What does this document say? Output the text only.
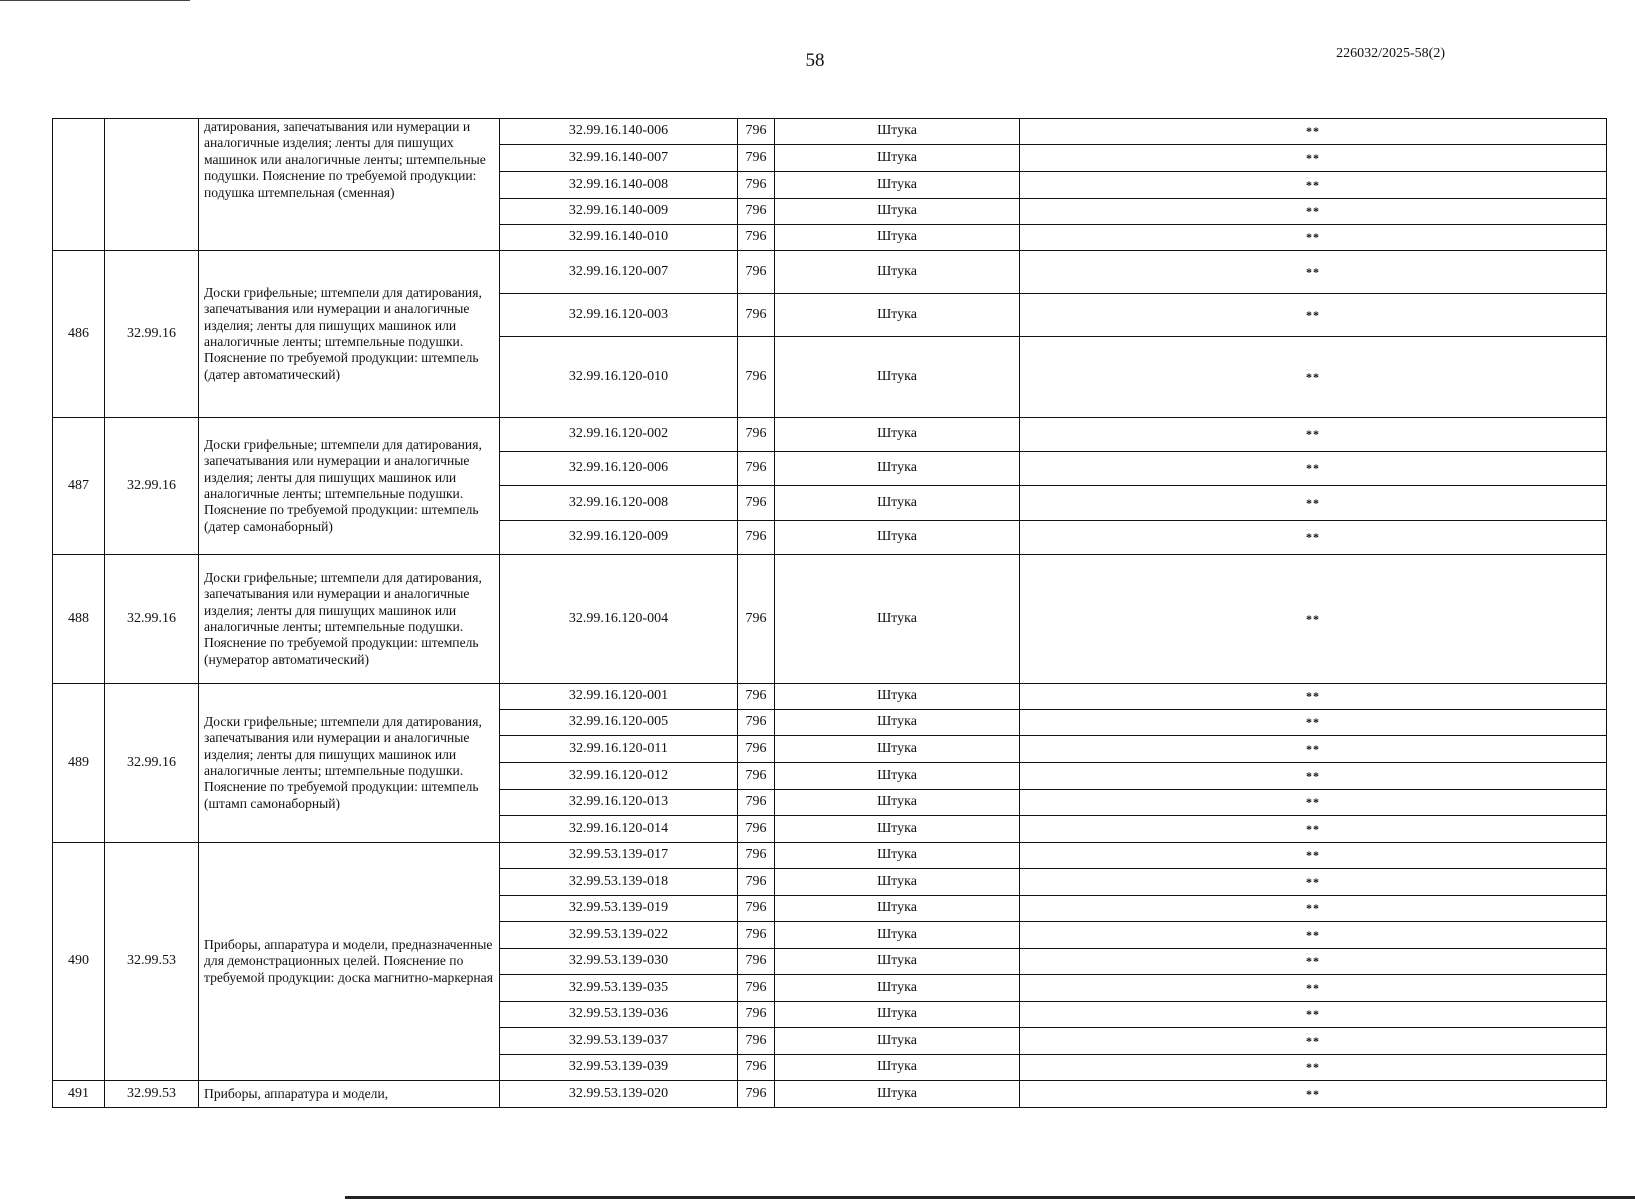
58	226032/2025-58(2)
		датирования, запечатывания или нумерации и аналогичные изделия; ленты для пишущих машинок или аналогичные ленты; штемпельные подушки. Пояснение по требуемой продукции: подушка штемпельная (сменная)	32.99.16.140-006	796	Штука	**
			32.99.16.140-007	796	Штука	**
			32.99.16.140-008	796	Штука	**
			32.99.16.140-009	796	Штука	**
			32.99.16.140-010	796	Штука	**
486	32.99.16	Доски грифельные; штемпели для датирования, запечатывания или нумерации и аналогичные изделия; ленты для пишущих машинок или аналогичные ленты; штемпельные подушки. Пояснение по требуемой продукции: штемпель (датер автоматический)	32.99.16.120-007	796	Штука	**
			32.99.16.120-003	796	Штука	**
			32.99.16.120-010	796	Штука	**
487	32.99.16	Доски грифельные; штемпели для датирования, запечатывания или нумерации и аналогичные изделия; ленты для пишущих машинок или аналогичные ленты; штемпельные подушки. Пояснение по требуемой продукции: штемпель (датер самонаборный)	32.99.16.120-002	796	Штука	**
			32.99.16.120-006	796	Штука	**
			32.99.16.120-008	796	Штука	**
			32.99.16.120-009	796	Штука	**
488	32.99.16	Доски грифельные; штемпели для датирования, запечатывания или нумерации и аналогичные изделия; ленты для пишущих машинок или аналогичные ленты; штемпельные подушки. Пояснение по требуемой продукции: штемпель (нумератор автоматический)	32.99.16.120-004	796	Штука	**
489	32.99.16	Доски грифельные; штемпели для датирования, запечатывания или нумерации и аналогичные изделия; ленты для пишущих машинок или аналогичные ленты; штемпельные подушки. Пояснение по требуемой продукции: штемпель (штамп самонаборный)	32.99.16.120-001	796	Штука	**
			32.99.16.120-005	796	Штука	**
			32.99.16.120-011	796	Штука	**
			32.99.16.120-012	796	Штука	**
			32.99.16.120-013	796	Штука	**
			32.99.16.120-014	796	Штука	**
490	32.99.53	Приборы, аппаратура и модели, предназначенные для демонстрационных целей. Пояснение по требуемой продукции: доска магнитно-маркерная	32.99.53.139-017	796	Штука	**
			32.99.53.139-018	796	Штука	**
			32.99.53.139-019	796	Штука	**
			32.99.53.139-022	796	Штука	**
			32.99.53.139-030	796	Штука	**
			32.99.53.139-035	796	Штука	**
			32.99.53.139-036	796	Штука	**
			32.99.53.139-037	796	Штука	**
			32.99.53.139-039	796	Штука	**
491	32.99.53	Приборы, аппаратура и модели,	32.99.53.139-020	796	Штука	**
